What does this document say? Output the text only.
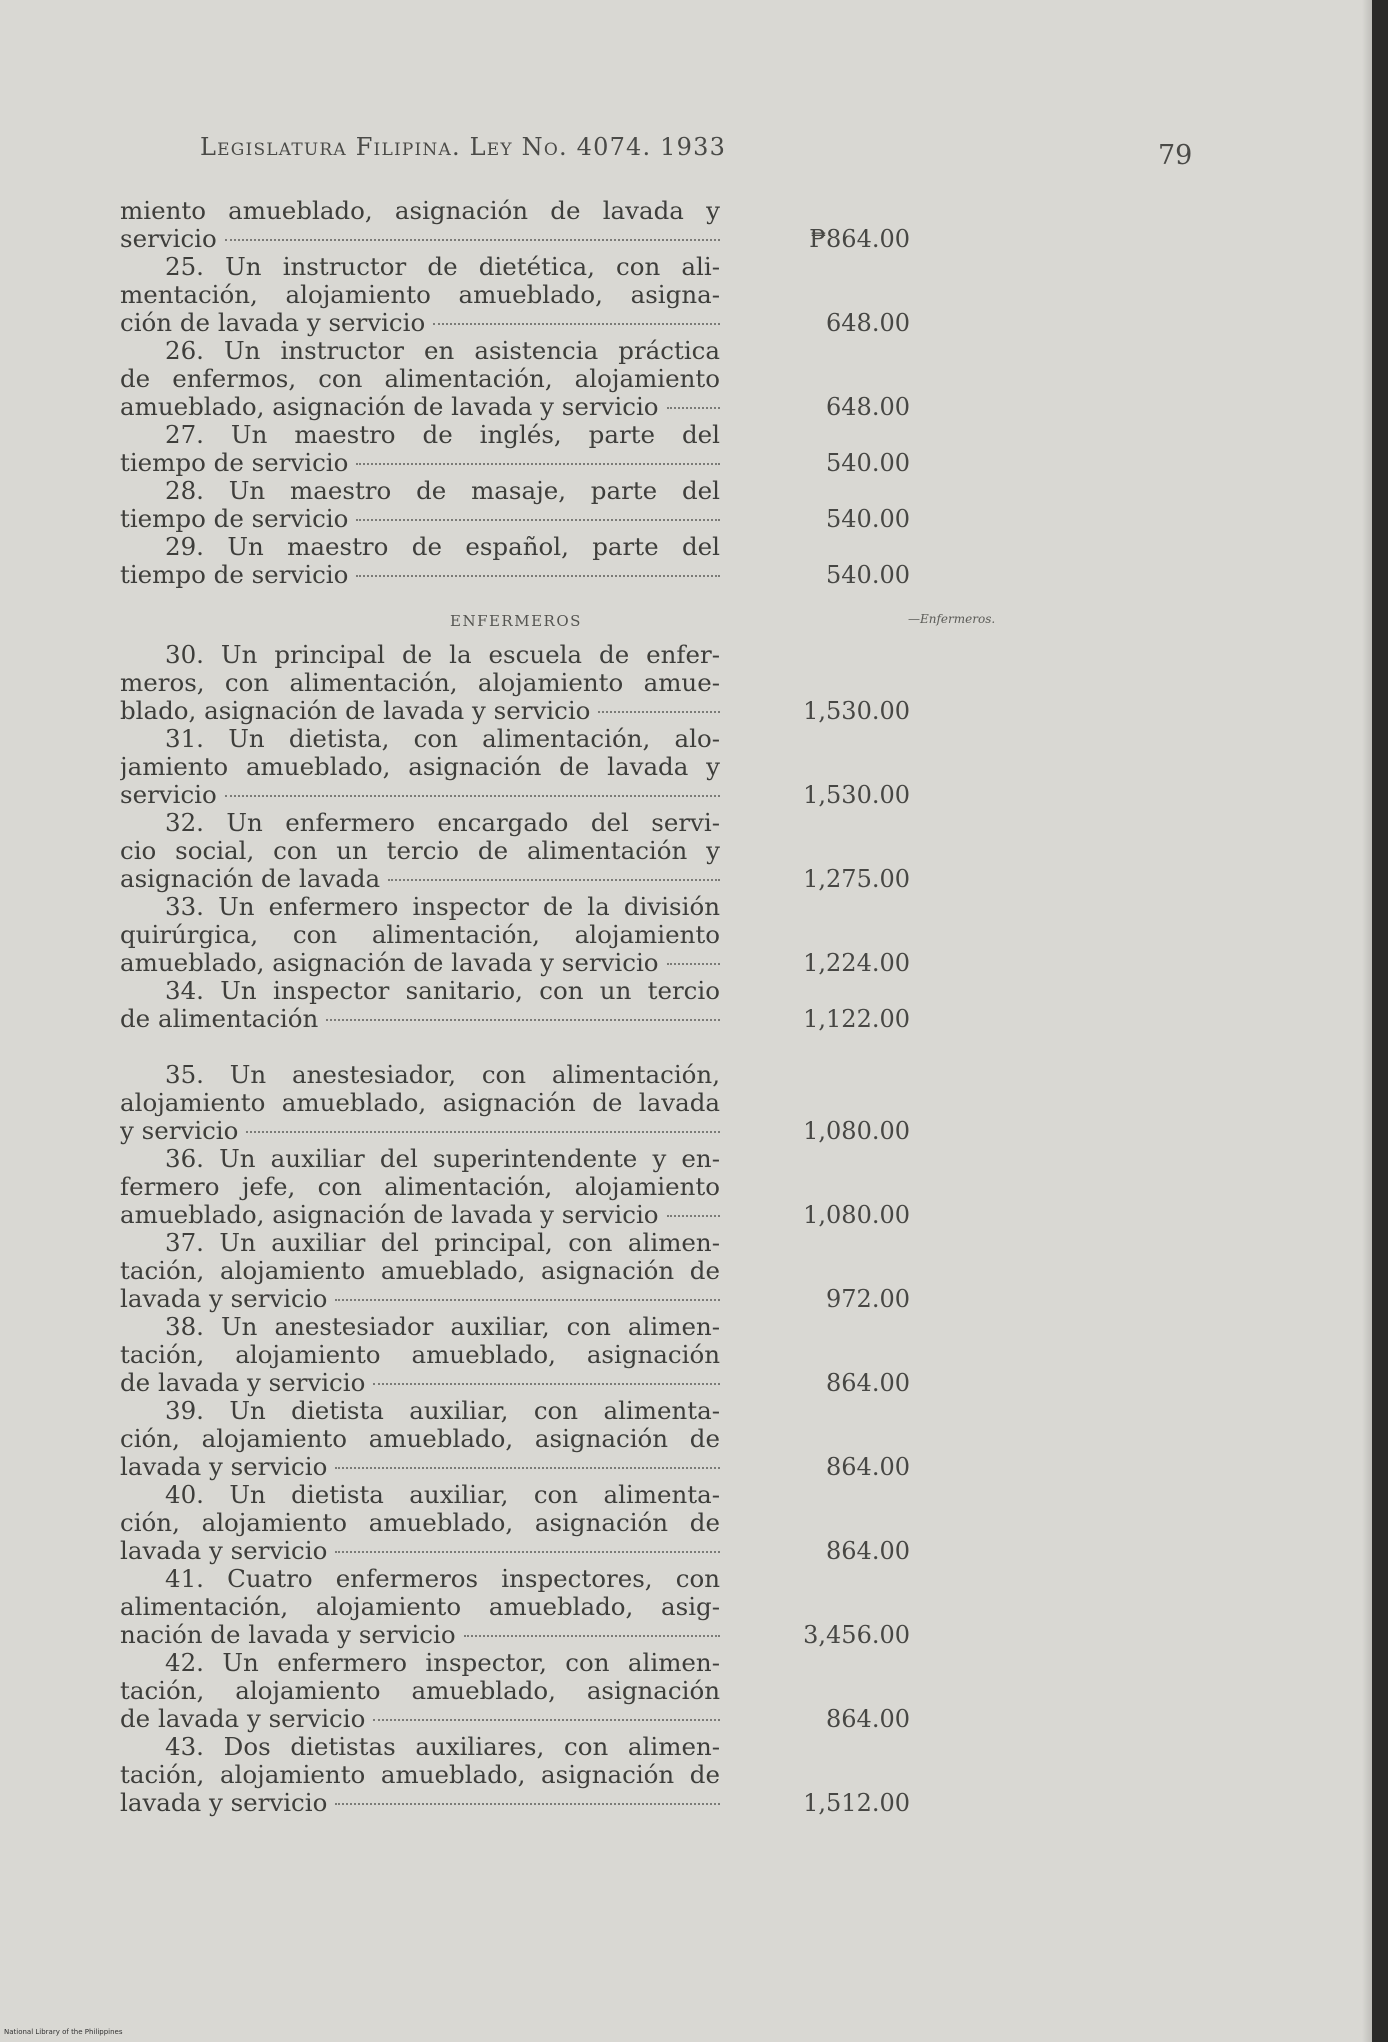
Legislatura Filipina. Ley No. 4074. 1933	79
ENFERMEROS	—Enfermeros.
miento amueblado, asignación de lavada y
servicio	₱864.00
25. Un instructor de dietética, con ali-
mentación, alojamiento amueblado, asigna-
ción de lavada y servicio	648.00
26. Un instructor en asistencia práctica
de enfermos, con alimentación, alojamiento
amueblado, asignación de lavada y servicio	648.00
27. Un maestro de inglés, parte del
tiempo de servicio	540.00
28. Un maestro de masaje, parte del
tiempo de servicio	540.00
29. Un maestro de español, parte del
tiempo de servicio	540.00
30. Un principal de la escuela de enfer-
meros, con alimentación, alojamiento amue-
blado, asignación de lavada y servicio	1,530.00
31. Un dietista, con alimentación, alo-
jamiento amueblado, asignación de lavada y
servicio	1,530.00
32. Un enfermero encargado del servi-
cio social, con un tercio de alimentación y
asignación de lavada	1,275.00
33. Un enfermero inspector de la división
quirúrgica, con alimentación, alojamiento
amueblado, asignación de lavada y servicio	1,224.00
34. Un inspector sanitario, con un tercio
de alimentación	1,122.00
35. Un anestesiador, con alimentación,
alojamiento amueblado, asignación de lavada
y servicio	1,080.00
36. Un auxiliar del superintendente y en-
fermero jefe, con alimentación, alojamiento
amueblado, asignación de lavada y servicio	1,080.00
37. Un auxiliar del principal, con alimen-
tación, alojamiento amueblado, asignación de
lavada y servicio	972.00
38. Un anestesiador auxiliar, con alimen-
tación, alojamiento amueblado, asignación
de lavada y servicio	864.00
39. Un dietista auxiliar, con alimenta-
ción, alojamiento amueblado, asignación de
lavada y servicio	864.00
40. Un dietista auxiliar, con alimenta-
ción, alojamiento amueblado, asignación de
lavada y servicio	864.00
41. Cuatro enfermeros inspectores, con
alimentación, alojamiento amueblado, asig-
nación de lavada y servicio	3,456.00
42. Un enfermero inspector, con alimen-
tación, alojamiento amueblado, asignación
de lavada y servicio	864.00
43. Dos dietistas auxiliares, con alimen-
tación, alojamiento amueblado, asignación de
lavada y servicio	1,512.00
National Library of the Philippines
